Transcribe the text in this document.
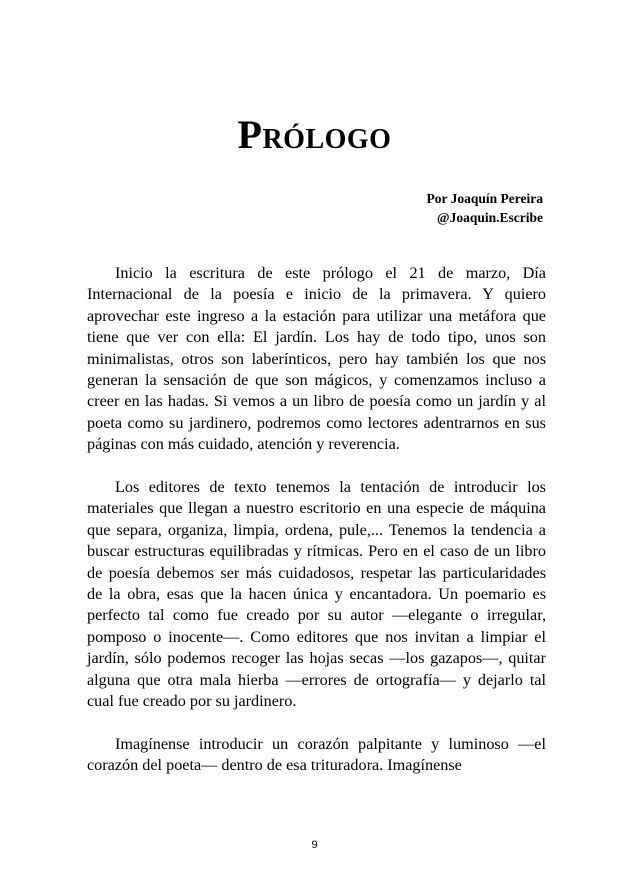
Prólogo
Por Joaquín Pereira
@Joaquin.Escribe

Inicio la escritura de este prólogo el 21 de marzo, Día Internacional de la poesía e inicio de la primavera. Y quiero aprovechar este ingreso a la estación para utilizar una metáfora que tiene que ver con ella: El jardín. Los hay de todo tipo, unos son minimalistas, otros son laberínticos, pero hay también los que nos generan la sensación de que son mágicos, y comenzamos incluso a creer en las hadas. Si vemos a un libro de poesía como un jardín y al poeta como su jardinero, podremos como lectores adentrarnos en sus páginas con más cuidado, atención y reverencia.

Los editores de texto tenemos la tentación de introducir los materiales que llegan a nuestro escritorio en una especie de máquina que separa, organiza, limpia, ordena, pule,... Tenemos la tendencia a buscar estructuras equilibradas y rítmicas. Pero en el caso de un libro de poesía debemos ser más cuidadosos, respetar las particularidades de la obra, esas que la hacen única y encantadora. Un poemario es perfecto tal como fue creado por su autor —elegante o irregular, pomposo o inocente—. Como editores que nos invitan a limpiar el jardín, sólo podemos recoger las hojas secas —los gazapos—, quitar alguna que otra mala hierba —errores de ortografía— y dejarlo tal cual fue creado por su jardinero.

Imagínense introducir un corazón palpitante y luminoso —el corazón del poeta— dentro de esa trituradora. Imagínense

9
